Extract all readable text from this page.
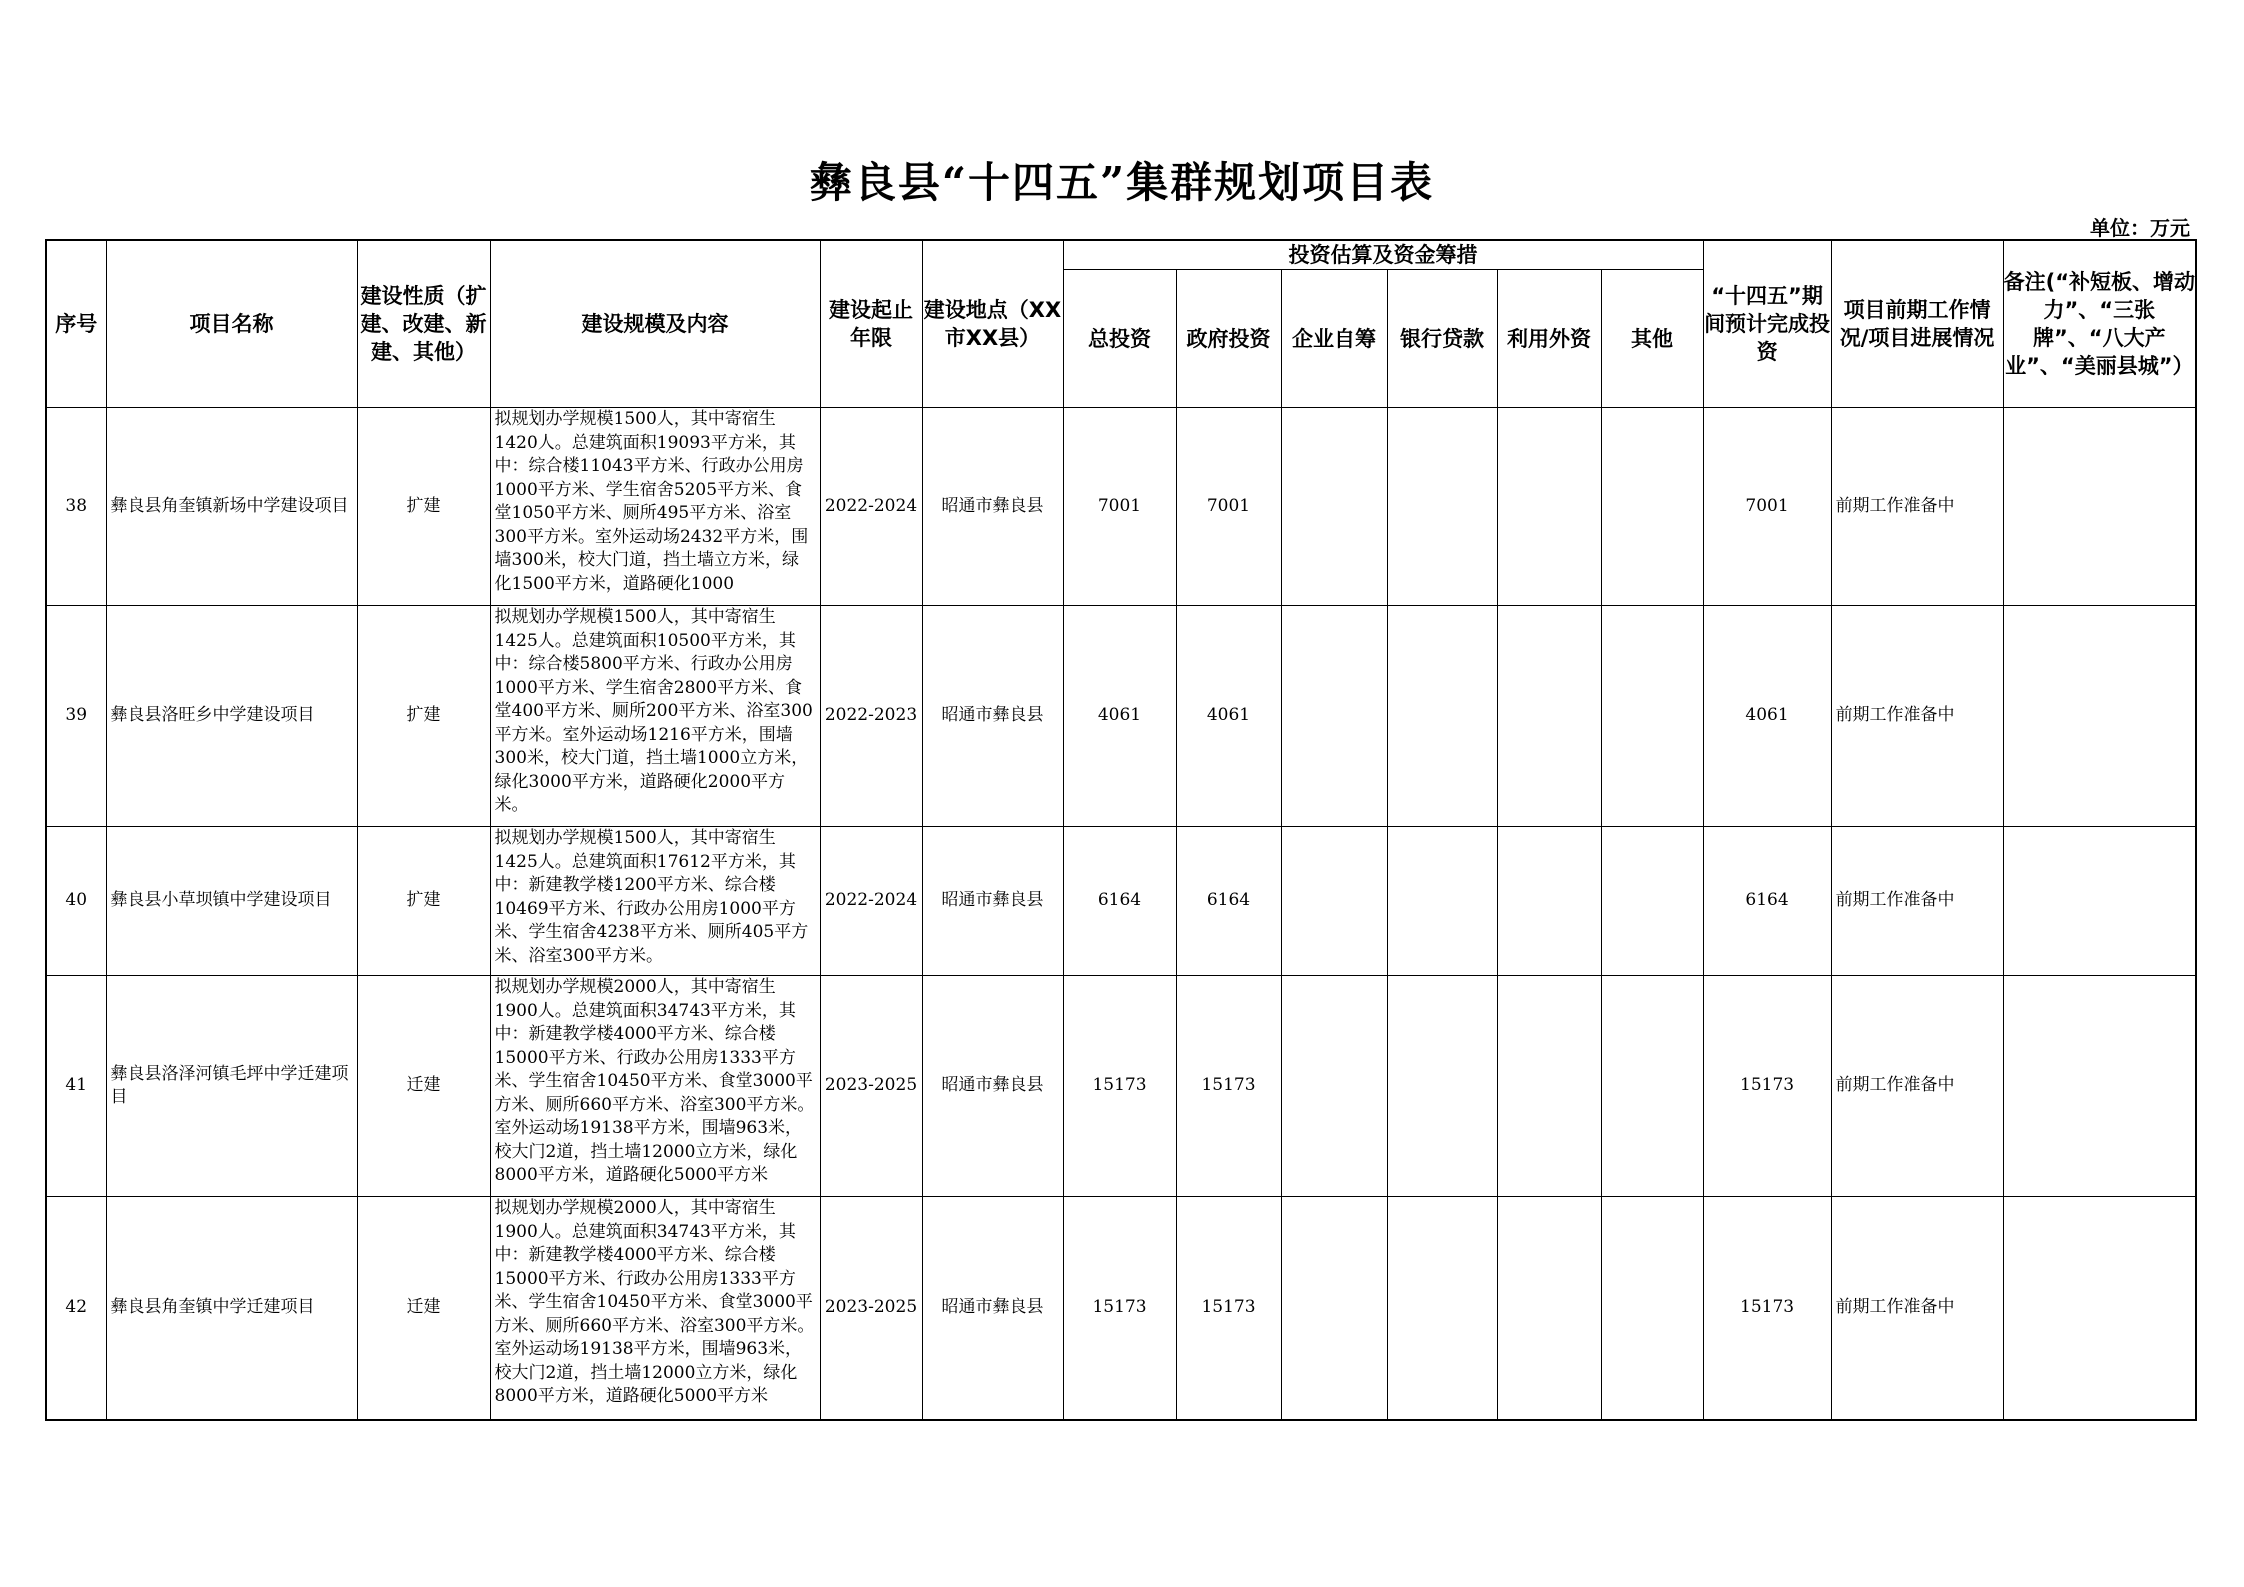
彝良县“十四五”集群规划项目表
单位：万元
序号	项目名称	建设性质（扩建、改建、新建、其他）	建设规模及内容	建设起止年限	建设地点（XX市XX县）	投资估算及资金筹措						“十四五”期间预计完成投资	项目前期工作情况/项目进展情况	备注(“补短板、增动力”、“三张牌”、“八大产业”、“美丽县城”）
						总投资	政府投资	企业自筹	银行贷款	利用外资	其他			
38	彝良县角奎镇新场中学建设项目	扩建	拟规划办学规模1500人，其中寄宿生1420人。总建筑面积19093平方米，其中：综合楼11043平方米、行政办公用房1000平方米、学生宿舍5205平方米、食堂1050平方米、厕所495平方米、浴室300平方米。室外运动场2432平方米，围墙300米，校大门道，挡土墙立方米，绿化1500平方米，道路硬化1000	2022-2024	昭通市彝良县	7001	7001					7001	前期工作准备中	
39	彝良县洛旺乡中学建设项目	扩建	拟规划办学规模1500人，其中寄宿生1425人。总建筑面积10500平方米，其中：综合楼5800平方米、行政办公用房1000平方米、学生宿舍2800平方米、食堂400平方米、厕所200平方米、浴室300平方米。室外运动场1216平方米，围墙300米，校大门道，挡土墙1000立方米，绿化3000平方米，道路硬化2000平方米。	2022-2023	昭通市彝良县	4061	4061					4061	前期工作准备中	
40	彝良县小草坝镇中学建设项目	扩建	拟规划办学规模1500人，其中寄宿生1425人。总建筑面积17612平方米，其中：新建教学楼1200平方米、综合楼10469平方米、行政办公用房1000平方米、学生宿舍4238平方米、厕所405平方米、浴室300平方米。	2022-2024	昭通市彝良县	6164	6164					6164	前期工作准备中	
41	彝良县洛泽河镇毛坪中学迁建项目	迁建	拟规划办学规模2000人，其中寄宿生1900人。总建筑面积34743平方米，其中：新建教学楼4000平方米、综合楼15000平方米、行政办公用房1333平方米、学生宿舍10450平方米、食堂3000平方米、厕所660平方米、浴室300平方米。室外运动场19138平方米，围墙963米，校大门2道，挡土墙12000立方米，绿化8000平方米，道路硬化5000平方米	2023-2025	昭通市彝良县	15173	15173					15173	前期工作准备中	
42	彝良县角奎镇中学迁建项目	迁建	拟规划办学规模2000人，其中寄宿生1900人。总建筑面积34743平方米，其中：新建教学楼4000平方米、综合楼15000平方米、行政办公用房1333平方米、学生宿舍10450平方米、食堂3000平方米、厕所660平方米、浴室300平方米。室外运动场19138平方米，围墙963米，校大门2道，挡土墙12000立方米，绿化8000平方米，道路硬化5000平方米	2023-2025	昭通市彝良县	15173	15173					15173	前期工作准备中	
